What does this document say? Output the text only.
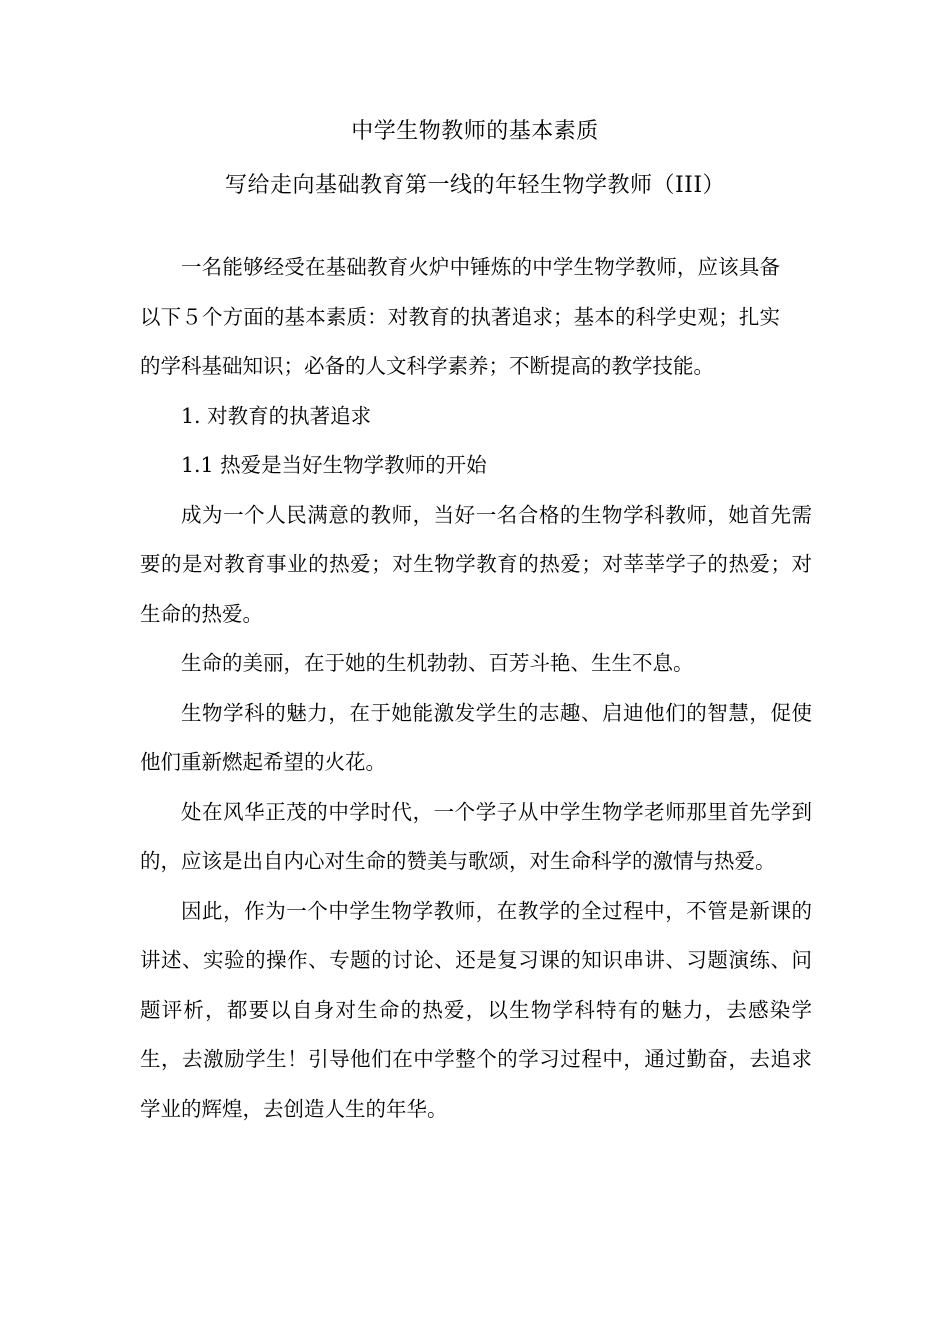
中学生物教师的基本素质
写给走向基础教育第一线的年轻生物学教师（III）

一名能够经受在基础教育火炉中锤炼的中学生物学教师，应该具备以下５个方面的基本素质：对教育的执著追求；基本的科学史观；扎实的学科基础知识；必备的人文科学素养；不断提高的教学技能。

1. 对教育的执著追求

1.1 热爱是当好生物学教师的开始

成为一个人民满意的教师，当好一名合格的生物学科教师，她首先需要的是对教育事业的热爱；对生物学教育的热爱；对莘莘学子的热爱；对生命的热爱。

生命的美丽，在于她的生机勃勃、百芳斗艳、生生不息。

生物学科的魅力，在于她能激发学生的志趣、启迪他们的智慧，促使他们重新燃起希望的火花。

处在风华正茂的中学时代，一个学子从中学生物学老师那里首先学到的，应该是出自内心对生命的赞美与歌颂，对生命科学的激情与热爱。

因此，作为一个中学生物学教师，在教学的全过程中，不管是新课的讲述、实验的操作、专题的讨论、还是复习课的知识串讲、习题演练、问题评析，都要以自身对生命的热爱，以生物学科特有的魅力，去感染学生，去激励学生！引导他们在中学整个的学习过程中，通过勤奋，去追求学业的辉煌，去创造人生的年华。
